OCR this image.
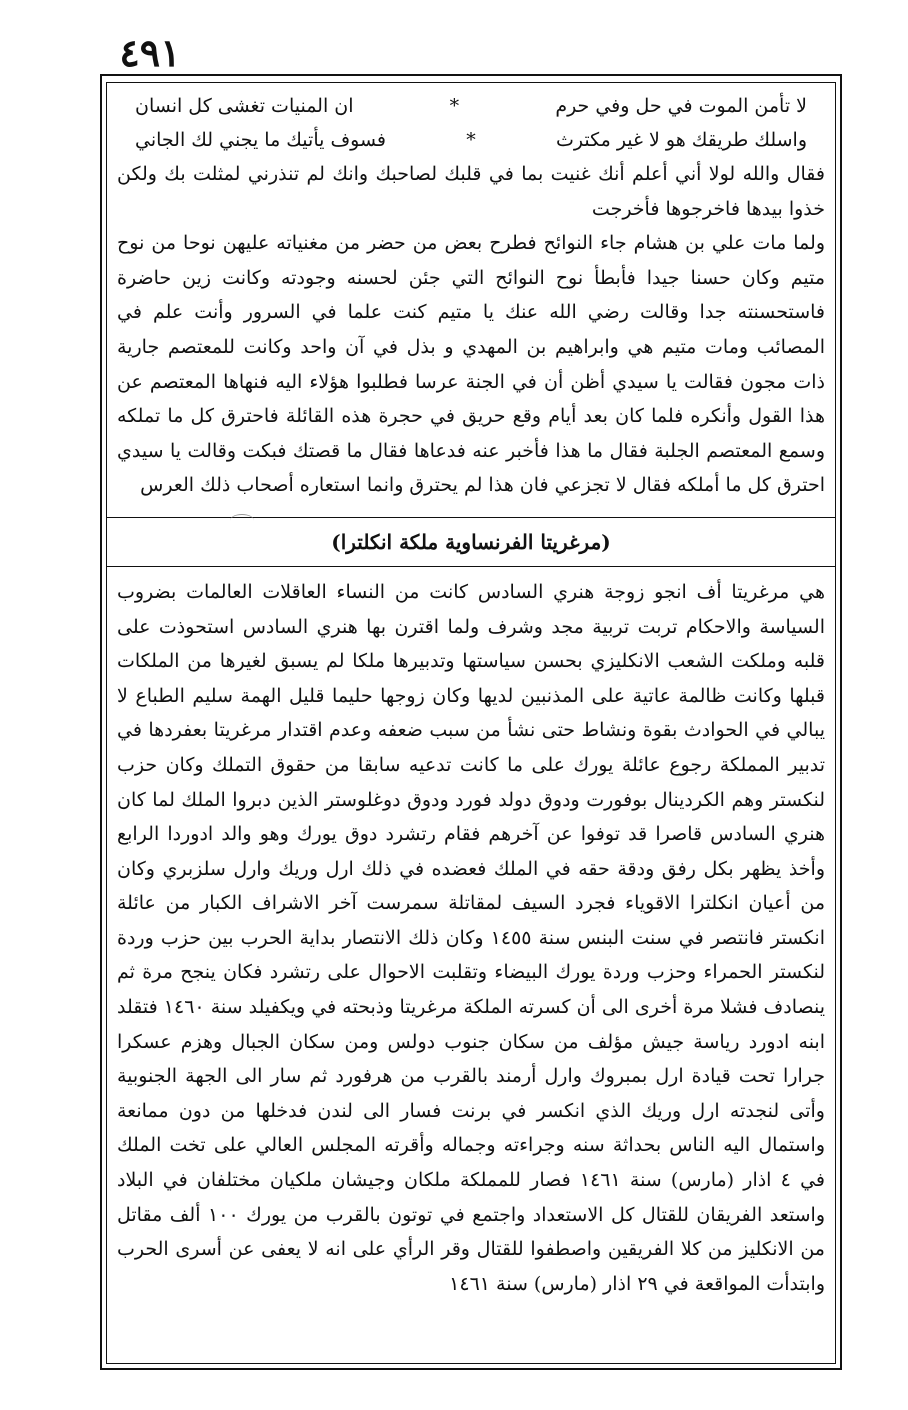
٤٩١
لا تأمن الموت في حل وفي حرم
*
ان المنيات تغشى كل انسان
واسلك طريقك هو لا غير مكترث
*
فسوف يأتيك ما يجني لك الجاني

فقال والله لولا أني أعلم أنك غنيت بما في قلبك لصاحبك وانك لم تنذرني لمثلت بك ولكن خذوا بيدها فاخرجوها فأخرجت

ولما مات علي بن هشام جاء النوائح فطرح بعض من حضر من مغنياته عليهن نوحا من نوح متيم وكان حسنا جيدا فأبطأ نوح النوائح التي جئن لحسنه وجودته وكانت زين حاضرة فاستحسنته جدا وقالت رضي الله عنك يا متيم كنت علما في السرور وأنت علم في المصائب ومات متيم هي وابراهيم بن المهدي و بذل في آن واحد وكانت للمعتصم جارية ذات مجون فقالت يا سيدي أظن أن في الجنة عرسا فطلبوا هؤلاء اليه فنهاها المعتصم عن هذا القول وأنكره فلما كان بعد أيام وقع حريق في حجرة هذه القائلة فاحترق كل ما تملكه وسمع المعتصم الجلبة فقال ما هذا فأخبر عنه فدعاها فقال ما قصتك فبكت وقالت يا سيدي احترق كل ما أملكه فقال لا تجزعي فان هذا لم يحترق وانما استعاره أصحاب ذلك العرس

(مرغريتا الفرنساوية ملكة انكلترا)

هي مرغريتا أف انجو زوجة هنري السادس كانت من النساء العاقلات العالمات بضروب السياسة والاحكام تربت تربية مجد وشرف ولما اقترن بها هنري السادس استحوذت على قلبه وملكت الشعب الانكليزي بحسن سياستها وتدبيرها ملكا لم يسبق لغيرها من الملكات قبلها وكانت ظالمة عاتية على المذنبين لديها وكان زوجها حليما قليل الهمة سليم الطباع لا يبالي في الحوادث بقوة ونشاط حتى نشأ من سبب ضعفه وعدم اقتدار مرغريتا بعفردها في تدبير المملكة رجوع عائلة يورك على ما كانت تدعيه سابقا من حقوق التملك وكان حزب لنكستر وهم الكردينال بوفورت ودوق دولد فورد ودوق دوغلوستر الذين دبروا الملك لما كان هنري السادس قاصرا قد توفوا عن آخرهم فقام رتشرد دوق يورك وهو والد ادوردا الرابع وأخذ يظهر بكل رفق ودقة حقه في الملك فعضده في ذلك ارل وريك وارل سلزبري وكان من أعيان انكلترا الاقوياء فجرد السيف لمقاتلة سمرست آخر الاشراف الكبار من عائلة انكستر فانتصر في سنت البنس سنة ١٤٥٥ وكان ذلك الانتصار بداية الحرب بين حزب وردة لنكستر الحمراء وحزب وردة يورك البيضاء وتقلبت الاحوال على رتشرد فكان ينجح مرة ثم ينصادف فشلا مرة أخرى الى أن كسرته الملكة مرغريتا وذبحته في ويكفيلد سنة ١٤٦٠ فتقلد ابنه ادورد رياسة جيش مؤلف من سكان جنوب دولس ومن سكان الجبال وهزم عسكرا جرارا تحت قيادة ارل بمبروك وارل أرمند بالقرب من هرفورد ثم سار الى الجهة الجنوبية وأتى لنجدته ارل وريك الذي انكسر في برنت فسار الى لندن فدخلها من دون ممانعة واستمال اليه الناس بحداثة سنه وجراءته وجماله وأقرته المجلس العالي على تخت الملك في ٤ اذار (مارس) سنة ١٤٦١ فصار للمملكة ملكان وجيشان ملكيان مختلفان في البلاد واستعد الفريقان للقتال كل الاستعداد واجتمع في توتون بالقرب من يورك ١٠٠ ألف مقاتل من الانكليز من كلا الفريقين واصطفوا للقتال وقر الرأي على انه لا يعفى عن أسرى الحرب وابتدأت المواقعة في ٢٩ اذار (مارس) سنة ١٤٦١
